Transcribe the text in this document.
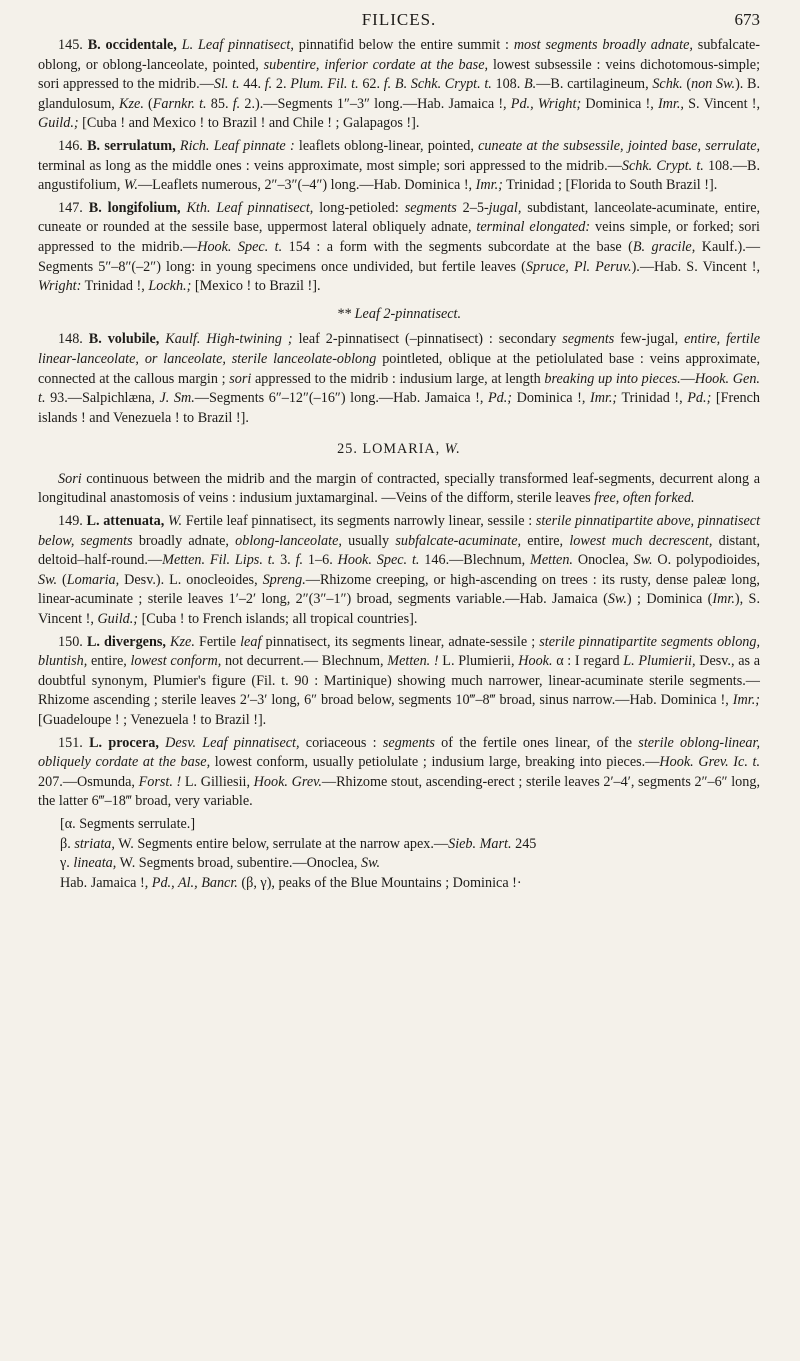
FILICES.	673

145. B. occidentale, L. Leaf pinnatisect, pinnatifid below the entire summit : most segments broadly adnate, subfalcate-oblong, or oblong-lanceolate, pointed, subentire, inferior cordate at the base, lowest subsessile : veins dichotomous-simple; sori appressed to the midrib.—Sl. t. 44. f. 2. Plum. Fil. t. 62. f. B. Schk. Crypt. t. 108. B.—B. cartilagineum, Schk. (non Sw.). B. glandulosum, Kze. (Farnkr. t. 85. f. 2.).—Segments 1″–3″ long.—Hab. Jamaica !, Pd., Wright; Dominica !, Imr., S. Vincent !, Guild.; [Cuba ! and Mexico ! to Brazil ! and Chile ! ; Galapagos !].

146. B. serrulatum, Rich. Leaf pinnate : leaflets oblong-linear, pointed, cuneate at the subsessile, jointed base, serrulate, terminal as long as the middle ones : veins approximate, most simple; sori appressed to the midrib.—Schk. Crypt. t. 108.—B. angustifolium, W.—Leaflets numerous, 2″–3″(–4″) long.—Hab. Dominica !, Imr.; Trinidad ; [Florida to South Brazil !].

147. B. longifolium, Kth. Leaf pinnatisect, long-petioled: segments 2–5-jugal, subdistant, lanceolate-acuminate, entire, cuneate or rounded at the sessile base, uppermost lateral obliquely adnate, terminal elongated: veins simple, or forked; sori appressed to the midrib.—Hook. Spec. t. 154 : a form with the segments subcordate at the base (B. gracile, Kaulf.).—Segments 5″–8″(–2″) long: in young specimens once undivided, but fertile leaves (Spruce, Pl. Peruv.).—Hab. S. Vincent !, Wright: Trinidad !, Lockh.; [Mexico ! to Brazil !].

** Leaf 2-pinnatisect.

148. B. volubile, Kaulf. High-twining ; leaf 2-pinnatisect (–pinnatisect) : secondary segments few-jugal, entire, fertile linear-lanceolate, or lanceolate, sterile lanceolate-oblong pointleted, oblique at the petiolulated base : veins approximate, connected at the callous margin ; sori appressed to the midrib : indusium large, at length breaking up into pieces.—Hook. Gen. t. 93.—Salpichlæna, J. Sm.—Segments 6″–12″(–16″) long.—Hab. Jamaica !, Pd.; Dominica !, Imr.; Trinidad !, Pd.; [French islands ! and Venezuela ! to Brazil !].

25. LOMARIA, W.

Sori continuous between the midrib and the margin of contracted, specially transformed leaf-segments, decurrent along a longitudinal anastomosis of veins : indusium juxtamarginal. —Veins of the difform, sterile leaves free, often forked.

149. L. attenuata, W. Fertile leaf pinnatisect, its segments narrowly linear, sessile : sterile pinnatipartite above, pinnatisect below, segments broadly adnate, oblong-lanceolate, usually subfalcate-acuminate, entire, lowest much decrescent, distant, deltoid–half-round.—Metten. Fil. Lips. t. 3. f. 1–6. Hook. Spec. t. 146.—Blechnum, Metten. Onoclea, Sw. O. polypodioides, Sw. (Lomaria, Desv.). L. onocleoides, Spreng.—Rhizome creeping, or high-ascending on trees : its rusty, dense paleæ long, linear-acuminate ; sterile leaves 1′–2′ long, 2″(3″–1″) broad, segments variable.—Hab. Jamaica (Sw.) ; Dominica (Imr.), S. Vincent !, Guild.; [Cuba ! to French islands; all tropical countries].

150. L. divergens, Kze. Fertile leaf pinnatisect, its segments linear, adnate-sessile ; sterile pinnatipartite segments oblong, bluntish, entire, lowest conform, not decurrent.— Blechnum, Metten. ! L. Plumierii, Hook. α : I regard L. Plumierii, Desv., as a doubtful synonym, Plumier's figure (Fil. t. 90 : Martinique) showing much narrower, linear-acuminate sterile segments.—Rhizome ascending ; sterile leaves 2′–3′ long, 6″ broad below, segments 10‴–8‴ broad, sinus narrow.—Hab. Dominica !, Imr.; [Guadeloupe ! ; Venezuela ! to Brazil !].

151. L. procera, Desv. Leaf pinnatisect, coriaceous : segments of the fertile ones linear, of the sterile oblong-linear, obliquely cordate at the base, lowest conform, usually petiolulate ; indusium large, breaking into pieces.—Hook. Grev. Ic. t. 207.—Osmunda, Forst. ! L. Gilliesii, Hook. Grev.—Rhizome stout, ascending-erect ; sterile leaves 2′–4′, segments 2″–6″ long, the latter 6‴–18‴ broad, very variable.

[α. Segments serrulate.]

β. striata, W. Segments entire below, serrulate at the narrow apex.—Sieb. Mart. 245

γ. lineata, W. Segments broad, subentire.—Onoclea, Sw.

Hab. Jamaica !, Pd., Al., Bancr. (β, γ), peaks of the Blue Mountains ; Dominica !·
